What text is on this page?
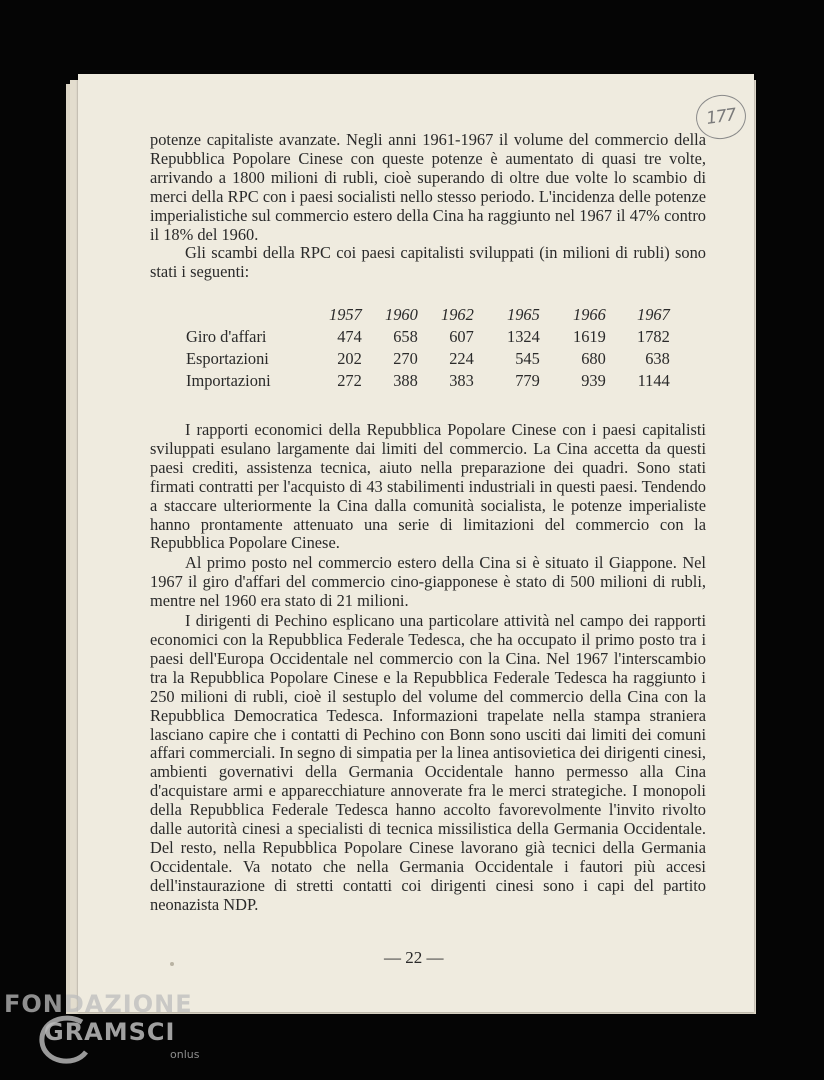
177

potenze capitaliste avanzate. Negli anni 1961-1967 il volume del commercio della Repubblica Popolare Cinese con queste potenze è aumentato di quasi tre volte, arrivando a 1800 milioni di rubli, cioè superando di oltre due volte lo scambio di merci della RPC con i paesi socialisti nello stesso periodo. L'incidenza delle potenze imperialistiche sul commercio estero della Cina ha raggiunto nel 1967 il 47% contro il 18% del 1960.

Gli scambi della RPC coi paesi capitalisti sviluppati (in milioni di rubli) sono stati i seguenti:

	1957	1960	1962	1965	1966	1967
Giro d'affari	474	658	607	1324	1619	1782
Esportazioni	202	270	224	545	680	638
Importazioni	272	388	383	779	939	1144

I rapporti economici della Repubblica Popolare Cinese con i paesi capitalisti sviluppati esulano largamente dai limiti del commercio. La Cina accetta da questi paesi crediti, assistenza tecnica, aiuto nella preparazione dei quadri. Sono stati firmati contratti per l'acquisto di 43 stabilimenti industriali in questi paesi. Tendendo a staccare ulteriormente la Cina dalla comunità socialista, le potenze imperialiste hanno prontamente attenuato una serie di limitazioni del commercio con la Repubblica Popolare Cinese.

Al primo posto nel commercio estero della Cina si è situato il Giappone. Nel 1967 il giro d'affari del commercio cino-giapponese è stato di 500 milioni di rubli, mentre nel 1960 era stato di 21 milioni.

I dirigenti di Pechino esplicano una particolare attività nel campo dei rapporti economici con la Repubblica Federale Tedesca, che ha occupato il primo posto tra i paesi dell'Europa Occidentale nel commercio con la Cina. Nel 1967 l'interscambio tra la Repubblica Popolare Cinese e la Repubblica Federale Tedesca ha raggiunto i 250 milioni di rubli, cioè il sestuplo del volume del commercio della Cina con la Repubblica Democratica Tedesca. Informazioni trapelate nella stampa straniera lasciano capire che i contatti di Pechino con Bonn sono usciti dai limiti dei comuni affari commerciali. In segno di simpatia per la linea antisovietica dei dirigenti cinesi, ambienti governativi della Germania Occidentale hanno permesso alla Cina d'acquistare armi e apparecchiature annoverate fra le merci strategiche. I monopoli della Repubblica Federale Tedesca hanno accolto favorevolmente l'invito rivolto dalle autorità cinesi a specialisti di tecnica missilistica della Germania Occidentale. Del resto, nella Repubblica Popolare Cinese lavorano già tecnici della Germania Occidentale. Va notato che nella Germania Occidentale i fautori più accesi dell'instaurazione di stretti contatti coi dirigenti cinesi sono i capi del partito neonazista NDP.

— 22 —
FONDAZIONE
GRAMSCI
onlus
